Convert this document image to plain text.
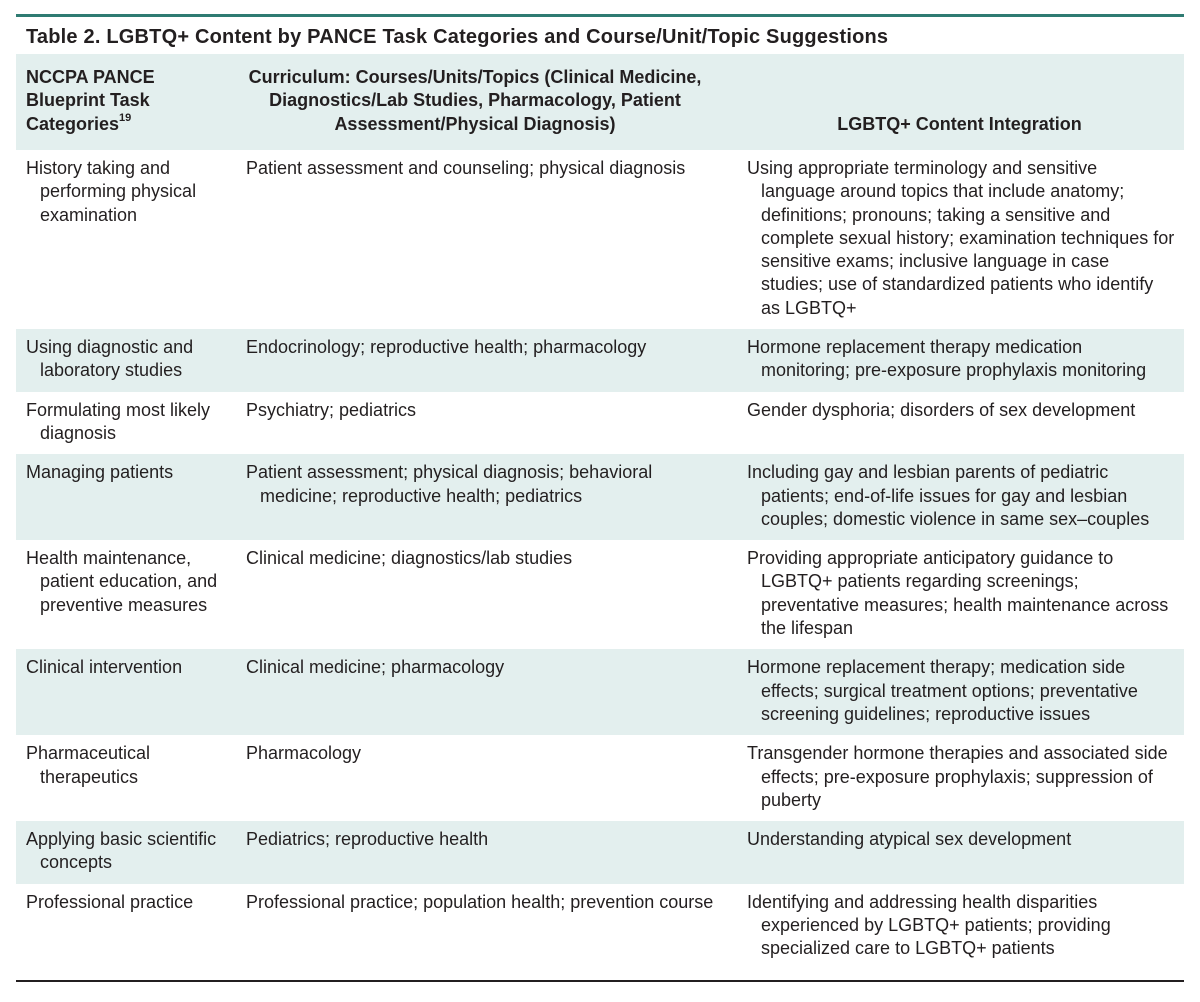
Table 2. LGBTQ+ Content by PANCE Task Categories and Course/Unit/Topic Suggestions
NCCPA PANCE Blueprint Task Categories$^{19}$	Curriculum: Courses/Units/Topics (Clinical Medicine, Diagnostics/Lab Studies, Pharmacology, Patient Assessment/Physical Diagnosis)	LGBTQ+ Content Integration

History taking and performing physical examination	Patient assessment and counseling; physical diagnosis	Using appropriate terminology and sensitive language around topics that include anatomy; definitions; pronouns; taking a sensitive and complete sexual history; examination techniques for sensitive exams; inclusive language in case studies; use of standardized patients who identify as LGBTQ+

Using diagnostic and laboratory studies	Endocrinology; reproductive health; pharmacology	Hormone replacement therapy medication monitoring; pre-exposure prophylaxis monitoring

Formulating most likely diagnosis	Psychiatry; pediatrics	Gender dysphoria; disorders of sex development

Managing patients	Patient assessment; physical diagnosis; behavioral medicine; reproductive health; pediatrics	Including gay and lesbian parents of pediatric patients; end-of-life issues for gay and lesbian couples; domestic violence in same sex–couples

Health maintenance, patient education, and preventive measures	Clinical medicine; diagnostics/lab studies	Providing appropriate anticipatory guidance to LGBTQ+ patients regarding screenings; preventative measures; health maintenance across the lifespan

Clinical intervention	Clinical medicine; pharmacology	Hormone replacement therapy; medication side effects; surgical treatment options; preventative screening guidelines; reproductive issues

Pharmaceutical therapeutics	Pharmacology	Transgender hormone therapies and associated side effects; pre-exposure prophylaxis; suppression of puberty

Applying basic scientific concepts	Pediatrics; reproductive health	Understanding atypical sex development

Professional practice	Professional practice; population health; prevention course	Identifying and addressing health disparities experienced by LGBTQ+ patients; providing specialized care to LGBTQ+ patients
